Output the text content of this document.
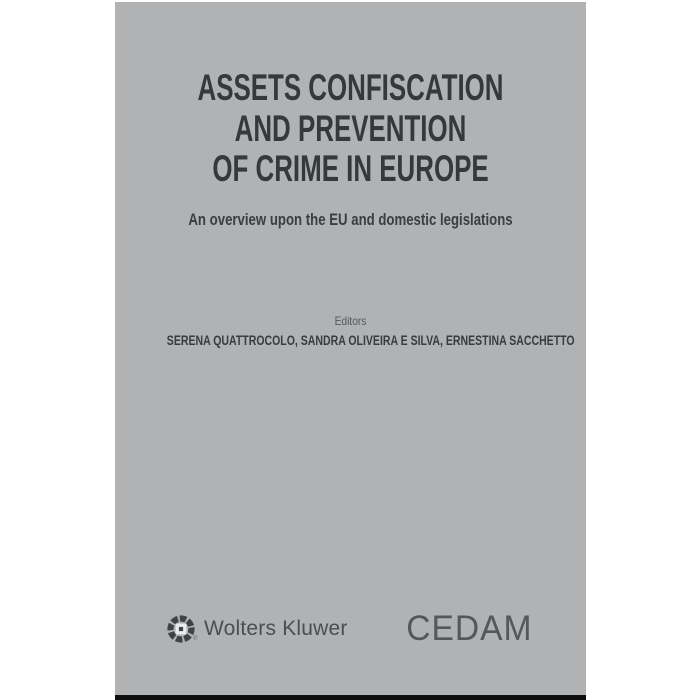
ASSETS CONFISCATION
AND PREVENTION
OF CRIME IN EUROPE
An overview upon the EU and domestic legislations
Editors
SERENA QUATTROCOLO, SANDRA OLIVEIRA E SILVA, ERNESTINA SACCHETTO
® Wolters Kluwer CEDAM
